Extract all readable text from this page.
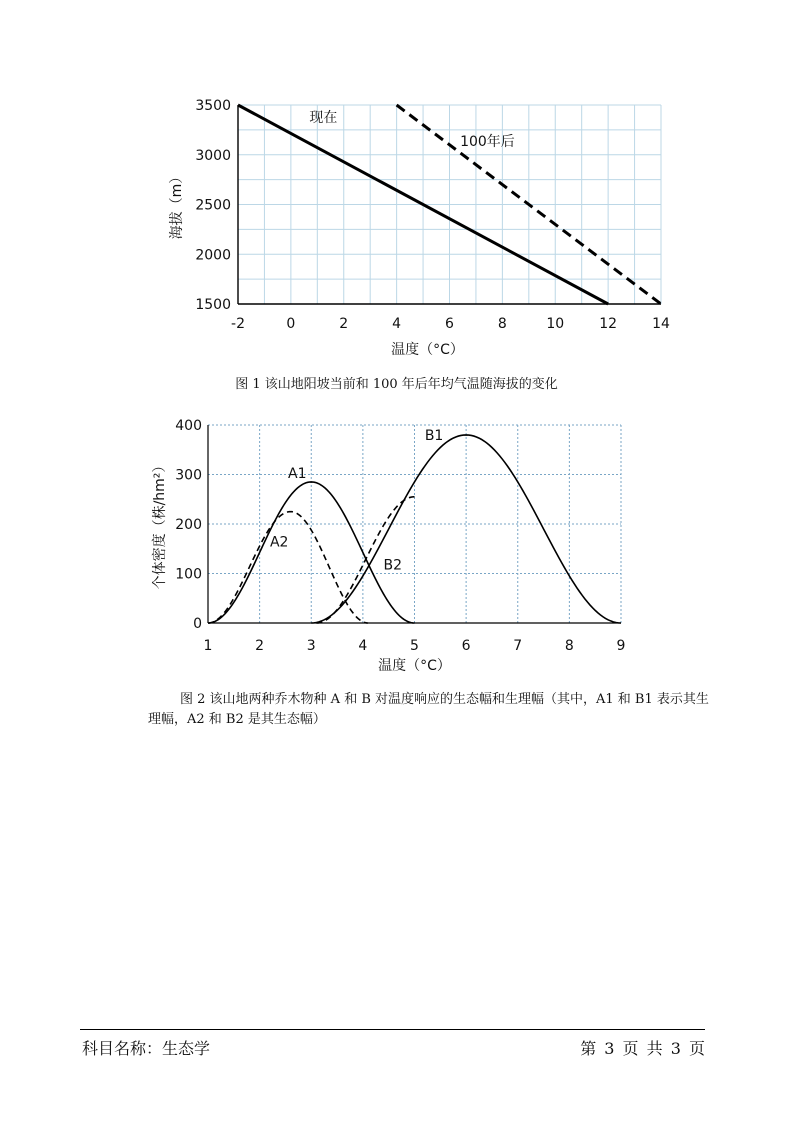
-2	0	2	4	6	8	10	12	14
1500
2000
2500
3000
3500
温度（°C）
海拔（m）
现在
100年后
图 1 该山地阳坡当前和 100 年后年均气温随海拔的变化
1	2	3	4	5	6	7	8	9
0
100
200
300
400
温度（°C）
个体密度（株/hm²）	A1
A2
B1
B2
图 2 该山地两种乔木物种 A 和 B 对温度响应的生态幅和生理幅（其中，A1 和 B1 表示其生理幅，A2 和 B2 是其生态幅）
科目名称：生态学	第 3 页 共 3 页
